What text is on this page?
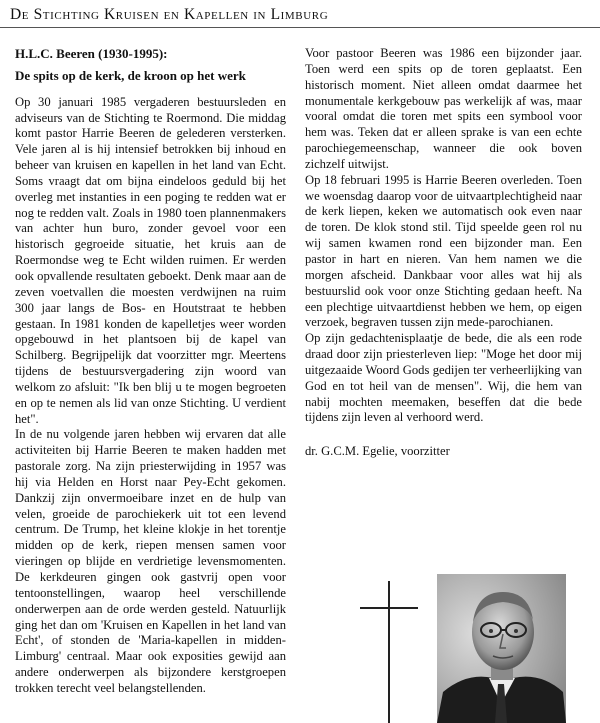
De Stichting Kruisen en Kapellen in Limburg
H.L.C. Beeren (1930-1995):
De spits op de kerk, de kroon op het werk

Op 30 januari 1985 vergaderen bestuursleden en adviseurs van de Stichting te Roermond. Die middag komt pastor Harrie Beeren de gelederen versterken. Vele jaren al is hij intensief betrokken bij inhoud en beheer van kruisen en kapellen in het land van Echt. Soms vraagt dat om bijna eindeloos geduld bij het overleg met instanties in een poging te redden wat er nog te redden valt. Zoals in 1980 toen plannenmakers van achter hun buro, zonder gevoel voor een historisch gegroeide situatie, het kruis aan de Roermondse weg te Echt wilden ruimen. Er werden ook opvallende resultaten geboekt. Denk maar aan de zeven voetvallen die moesten verdwijnen na ruim 300 jaar langs de Bos- en Houtstraat te hebben gestaan. In 1981 konden de kapelletjes weer worden opgebouwd in het plantsoen bij de kapel van Schilberg. Begrijpelijk dat voorzitter mgr. Meertens tijdens de bestuursvergadering zijn woord van welkom zo afsluit: "Ik ben blij u te mogen begroeten en op te nemen als lid van onze Stichting. U verdient het".

In de nu volgende jaren hebben wij ervaren dat alle activiteiten bij Harrie Beeren te maken hadden met pastorale zorg. Na zijn priesterwijding in 1957 was hij via Helden en Horst naar Pey-Echt gekomen. Dankzij zijn onvermoeibare inzet en de hulp van velen, groeide de parochiekerk uit tot een levend centrum. De Trump, het kleine klokje in het torentje midden op de kerk, riepen mensen samen voor vieringen op blijde en verdrietige levensmomenten. De kerkdeuren gingen ook gastvrij open voor tentoonstellingen, waarop heel verschillende onderwerpen aan de orde werden gesteld. Natuurlijk ging het dan om 'Kruisen en Kapellen in het land van Echt', of stonden de 'Maria-kapellen in midden-Limburg' centraal. Maar ook exposities gewijd aan andere onderwerpen als bijzondere kerstgroepen trokken terecht veel belangstellenden.

Voor pastoor Beeren was 1986 een bijzonder jaar. Toen werd een spits op de toren geplaatst. Een historisch moment. Niet alleen omdat daarmee het monumentale kerkgebouw pas werkelijk af was, maar vooral omdat die toren met spits een symbool voor hem was. Teken dat er alleen sprake is van een echte parochiegemeenschap, wanneer die ook boven zichzelf uitwijst.

Op 18 februari 1995 is Harrie Beeren overleden. Toen we woensdag daarop voor de uitvaartplechtigheid naar de kerk liepen, keken we automatisch ook even naar de toren. De klok stond stil. Tijd speelde geen rol nu wij samen kwamen rond een bijzonder man. Een pastor in hart en nieren. Van hem namen we die morgen afscheid. Dankbaar voor alles wat hij als bestuurslid ook voor onze Stichting gedaan heeft. Na een plechtige uitvaartdienst hebben we hem, op eigen verzoek, begraven tussen zijn mede-parochianen.

Op zijn gedachtenisplaatje de bede, die als een rode draad door zijn priesterleven liep: "Moge het door mij uitgezaaide Woord Gods gedijen ter verheerlijking van God en tot heil van de mensen". Wij, die hem van nabij mochten meemaken, beseffen dat die bede tijdens zijn leven al verhoord werd.

dr. G.C.M. Egelie, voorzitter
